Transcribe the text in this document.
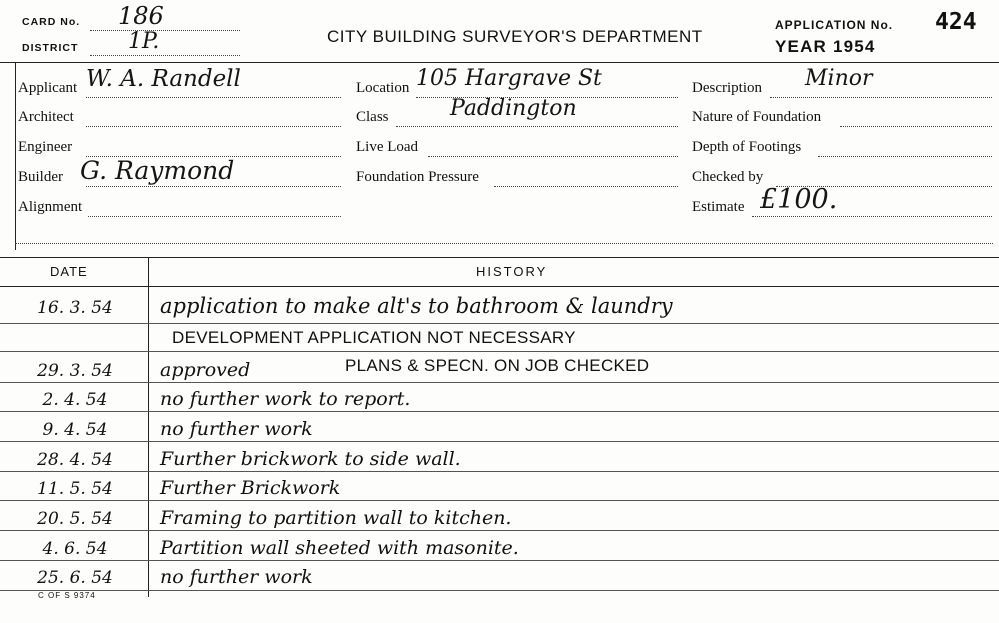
CARD No. 186
DISTRICT 1P.	CITY BUILDING SURVEYOR'S DEPARTMENT
APPLICATION No. 424
YEAR 1954
Applicant W. A. Randell
Architect
Engineer
Builder G. Raymond
Alignment
Location 105 Hargrave St
Class	Paddington
Live Load
Foundation Pressure
Description Minor
Nature of Foundation
Depth of Footings
Checked by
Estimate £100.
DATE	HISTORY
16. 3. 54	application to make alt's to bathroom & laundry
DEVELOPMENT APPLICATION NOT NECESSARY
29. 3. 54	approved	PLANS & SPECN. ON JOB CHECKED
2. 4. 54	no further work to report.
9. 4. 54	no further work
28. 4. 54	Further brickwork to side wall.
11. 5. 54	Further Brickwork
20. 5. 54	Framing to partition wall to kitchen.
4. 6. 54	Partition wall sheeted with masonite.
25. 6. 54	no further work
C OF S 9374
